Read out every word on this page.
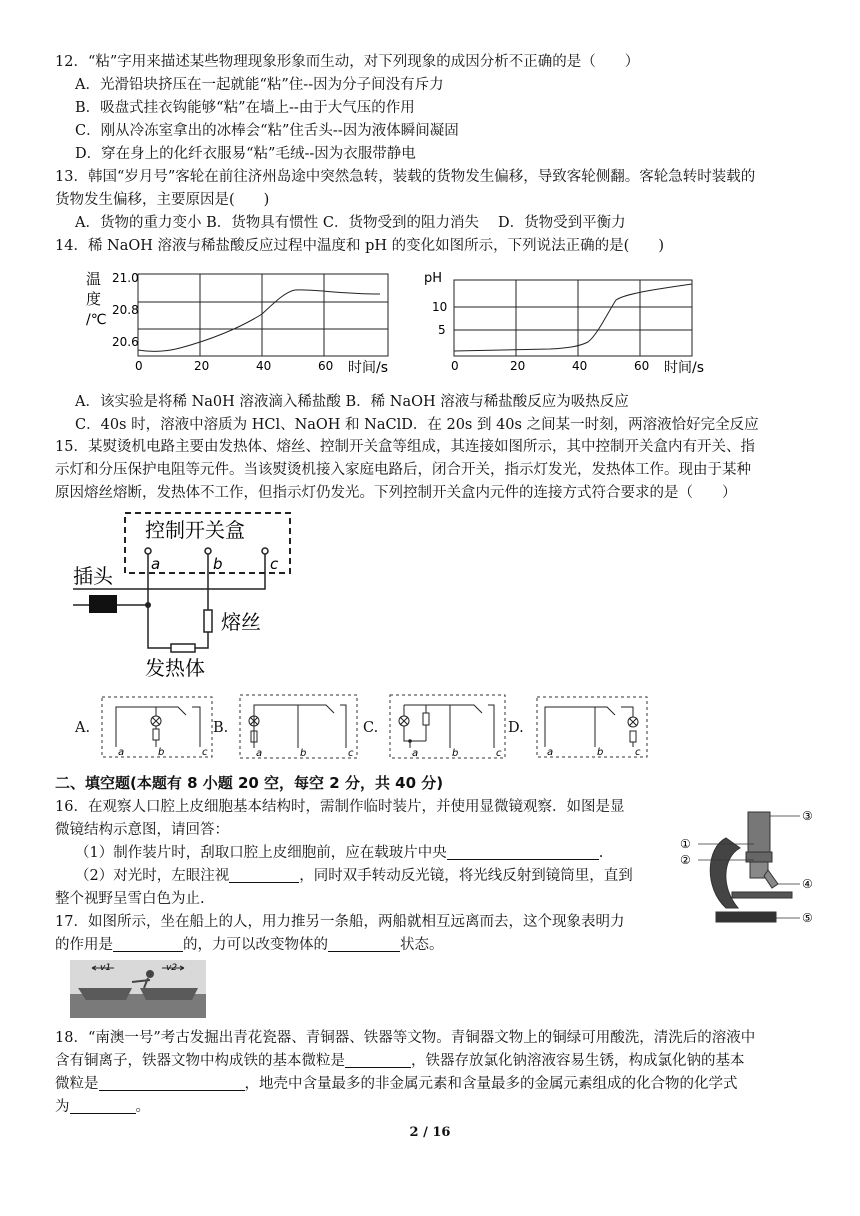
12．“粘”字用来描述某些物理现象形象而生动，对下列现象的成因分析不正确的是（　　）
A．光滑铅块挤压在一起就能“粘”住--因为分子间没有斥力
B．吸盘式挂衣钩能够“粘”在墙上--由于大气压的作用
C．刚从冷冻室拿出的冰棒会“粘”住舌头--因为液体瞬间凝固
D．穿在身上的化纤衣服易“粘”毛绒--因为衣服带静电
13．韩国“岁月号”客轮在前往济州岛途中突然急转，装载的货物发生偏移，导致客轮侧翻。客轮急转时装载的
货物发生偏移，主要原因是(　　)
A．货物的重力变小 B．货物具有惯性 C．货物受到的阻力消失　 D．货物受到平衡力
14．稀 NaOH 溶液与稀盐酸反应过程中温度和 pH 的变化如图所示，下列说法正确的是(　　)
温
度
/℃
21.0
20.8
20.6
0	20	40	60 时间/s
pH
10
5
0	20	40	60 时间/s
A．该实验是将稀 Na0H 溶液滴入稀盐酸 B．稀 NaOH 溶液与稀盐酸反应为吸热反应
C．40s 时，溶液中溶质为 HCl、NaOH 和 NaClD．在 20s 到 40s 之间某一时刻，两溶液恰好完全反应
15．某熨烫机电路主要由发热体、熔丝、控制开关盒等组成，其连接如图所示，其中控制开关盒内有开关、指
示灯和分压保护电阻等元件。当该熨烫机接入家庭电路后，闭合开关，指示灯发光，发热体工作。现由于某种
原因熔丝熔断，发热体不工作，但指示灯仍发光。下列控制开关盒内元件的连接方式符合要求的是（　　）
控制开关盒
a	b	c
插头
熔丝
发热体
A.
a	b	c
B.
a	b	c
C.
a	b	c
D.
a	b	c
二、填空题(本题有 8 小题 20 空，每空 2 分，共 40 分)
16．在观察人口腔上皮细胞基本结构时，需制作临时装片，并使用显微镜观察．如图是显
微镜结构示意图，请回答：
（1）制作装片时，刮取口腔上皮细胞前，应在载玻片中央	.
（2）对光时，左眼注视	，同时双手转动反光镜，将光线反射到镜筒里，直到
整个视野呈雪白色为止.
①
②
③
④
⑤
17．如图所示，坐在船上的人，用力推另一条船，两船就相互远离而去，这个现象表明力
的作用是	的，力可以改变物体的	状态。
v1	v2
18．“南澳一号”考古发掘出青花瓷器、青铜器、铁器等文物。青铜器文物上的铜绿可用酸洗，清洗后的溶液中
含有铜离子，铁器文物中构成铁的基本微粒是	，铁器存放氯化钠溶液容易生锈，构成氯化钠的基本
微粒是	，地壳中含量最多的非金属元素和含量最多的金属元素组成的化合物的化学式
为	。
2 / 16
